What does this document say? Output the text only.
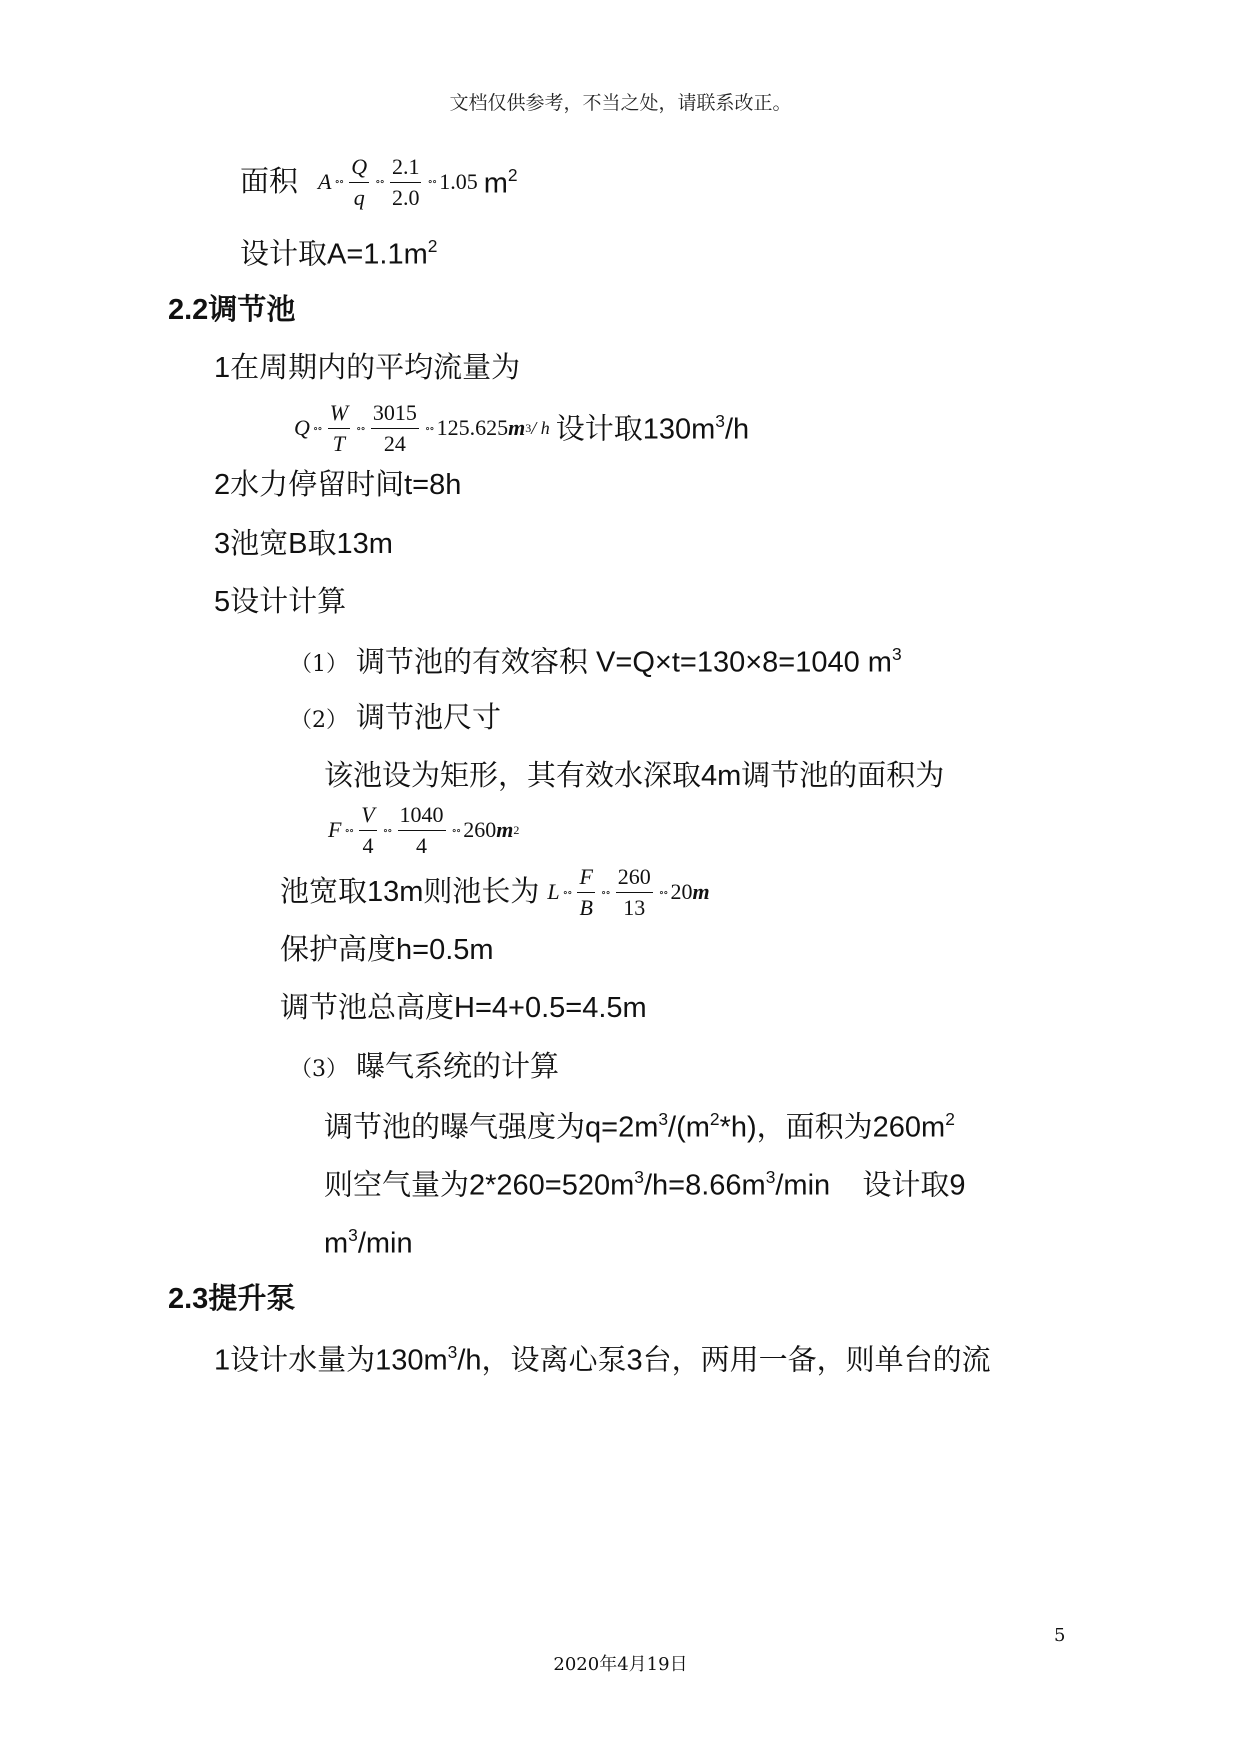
文档仅供参考，不当之处，请联系改正。
面积 A ∘∘ $\frac{Q}{q}$ ∘∘ $\frac{2.1}{2.0}$ ∘∘ 1.05 $m^2$
设计取$A=1.1m^2$
2.2调节池
1在周期内的平均流量为
Q ∘∘ $\frac{W}{T}$ ∘∘ $\frac{3015}{24}$ ∘∘ 125.625 m 3 / h 设计取$130m^3/h$
2水力停留时间t=8h
3池宽B取13m
5设计计算
（1） 调节池的有效容积 V=Q×t=130×8=1040 $m^3$
（2） 调节池尺寸
该池设为矩形，其有效水深取4m调节池的面积为
F ∘∘ $\frac{V}{4}$ ∘∘ $\frac{1040}{4}$ ∘∘ 260 m 2
池宽取13m则池长为 L ∘∘ $\frac{F}{B}$ ∘∘ $\frac{260}{13}$ ∘∘ 20 m
保护高度h=0.5m
调节池总高度H=4+0.5=4.5m
（3） 曝气系统的计算
调节池的曝气强度为$q=2m^3/(m^2*h)$，面积为$260m^2$
则空气量为$2*260=520m^3/h=8.66m^3/\min$    设计取9
$m^3/\min$
2.3提升泵
1设计水量为$130m^3/h$，设离心泵3台，两用一备，则单台的流
5
2020年4月19日
